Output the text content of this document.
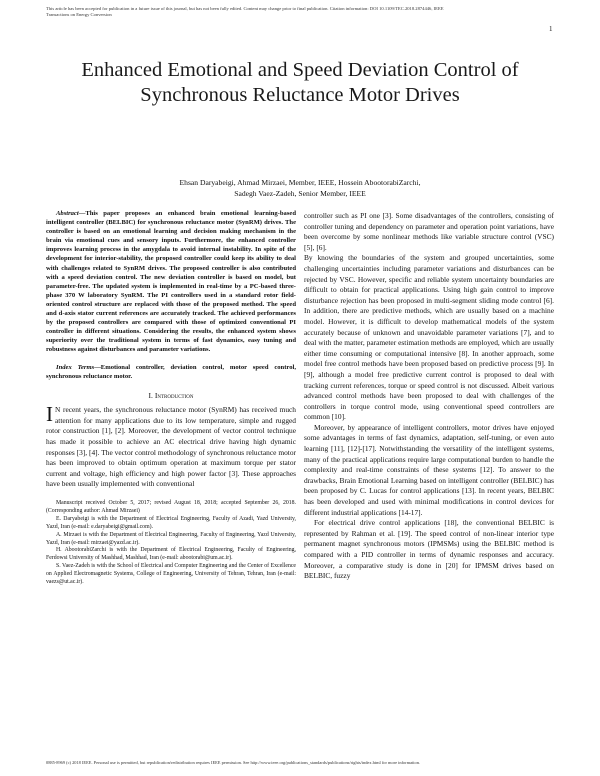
This article has been accepted for publication in a future issue of this journal, but has not been fully edited. Content may change prior to final publication. Citation information: DOI 10.1109/TEC.2018.2874446, IEEE
Transactions on Energy Conversion
1
Enhanced Emotional and Speed Deviation Control of Synchronous Reluctance Motor Drives
Ehsan Daryabeigi, Ahmad Mirzaei, Member, IEEE, Hossein AbootorabiZarchi,
Sadegh Vaez-Zadeh, Senior Member, IEEE

Abstract—This paper proposes an enhanced brain emotional learning-based intelligent controller (BELBIC) for synchronous reluctance motor (SynRM) drives. The controller is based on an emotional learning and decision making mechanism in the brain via emotional cues and sensory inputs. Furthermore, the enhanced controller improves learning process in the amygdala to avoid internal instability. In spite of the development for interior-stability, the proposed controller could keep its ability to deal with challenges related to SynRM drives. The proposed controller is also contributed with a speed deviation control. The new deviation controller is based on model, but parameter-free. The updated system is implemented in real-time by a PC-based three-phase 370 W laboratory SynRM. The PI controllers used in a standard rotor field-oriented control structure are replaced with those of the proposed method. The speed and d-axis stator current references are accurately tracked. The achieved performances by the proposed controllers are compared with those of optimized conventional PI controller in different situations. Considering the results, the enhanced system shows superiority over the traditional system in terms of fast dynamics, easy tuning and robustness against disturbances and parameter variations.

Index Terms—Emotional controller, deviation control, motor speed control, synchronous reluctance motor.

I. Introduction

I N recent years, the synchronous reluctance motor (SynRM) has received much attention for many applications due to its low temperature, simple and rugged rotor construction [1], [2]. Moreover, the development of vector control technique has made it possible to achieve an AC electrical drive having high dynamic responses [3], [4]. The vector control methodology of synchronous reluctance motor has been improved to obtain optimum operation at maximum torque per stator current and voltage, high efficiency and high power factor [3]. These approaches have been usually implemented with conventional

Manuscript received October 5, 2017; revised August 18, 2018; accepted September 26, 2018. (Corresponding author: Ahmad Mirzaei)

E. Daryabeigi is with the Department of Electrical Engineering, Faculty of Azadi, Yazd University, Yazd, Iran (e-mail: e.daryabeigi@gmail.com).

A. Mirzaei is with the Department of Electrical Engineering, Faculty of Engineering, Yazd University, Yazd, Iran (e-mail: mirzaei@yazd.ac.ir).

H. AbootorabiZarchi is with the Department of Electrical Engineering, Faculty of Engineering, Ferdowsi University of Mashhad, Mashhad, Iran (e-mail: abootorabi@um.ac.ir).

S. Vaez-Zadeh is with the School of Electrical and Computer Engineering and the Center of Excellence on Applied Electromagnetic Systems, College of Engineering, University of Tehran, Tehran, Iran (e-mail: vaezs@ut.ac.ir).

controller such as PI one [3]. Some disadvantages of the controllers, consisting of controller tuning and dependency on parameter and operation point variations, have been overcome by some nonlinear methods like variable structure control (VSC) [5], [6].

By knowing the boundaries of the system and grouped uncertainties, some challenging uncertainties including parameter variations and disturbances can be rejected by VSC. However, specific and reliable system uncertainty boundaries are difficult to obtain for practical applications. Using high gain control to improve disturbance rejection has been proposed in multi-segment sliding mode control [6]. In addition, there are predictive methods, which are usually based on a machine model. However, it is difficult to develop mathematical models of the system accurately because of unknown and unavoidable parameter variations [7], and to deal with the matter, parameter estimation methods are employed, which are usually either time consuming or computational intensive [8]. In another approach, some model free control methods have been proposed based on predictive process [9]. In [9], although a model free predictive current control is proposed to deal with tracking current references, torque or speed control is not discussed. Albeit various advanced control methods have been proposed to deal with challenges of the controllers in torque control mode, using conventional speed controllers are common [10].

Moreover, by appearance of intelligent controllers, motor drives have enjoyed some advantages in terms of fast dynamics, adaptation, self-tuning, or even auto learning [11], [12]-[17]. Notwithstanding the versatility of the intelligent systems, many of the practical applications require large computational burden to handle the complexity and real-time constraints of these systems [12]. To answer to the drawbacks, Brain Emotional Learning based on intelligent controller (BELBIC) has been proposed by C. Lucas for control applications [13]. In recent years, BELBIC has been developed and used with minimal modifications in control devices for different industrial applications [14-17].

For electrical drive control applications [18], the conventional BELBIC is represented by Rahman et al. [19]. The speed control of non-linear interior type permanent magnet synchronous motors (IPMSMs) using the BELBIC method is compared with a PID controller in terms of dynamic responses and accuracy. Moreover, a comparative study is done in [20] for IPMSM drives based on BELBIC, fuzzy

0885-8969 (c) 2018 IEEE. Personal use is permitted, but republication/redistribution requires IEEE permission. See http://www.ieee.org/publications_standards/publications/rights/index.html for more information.
